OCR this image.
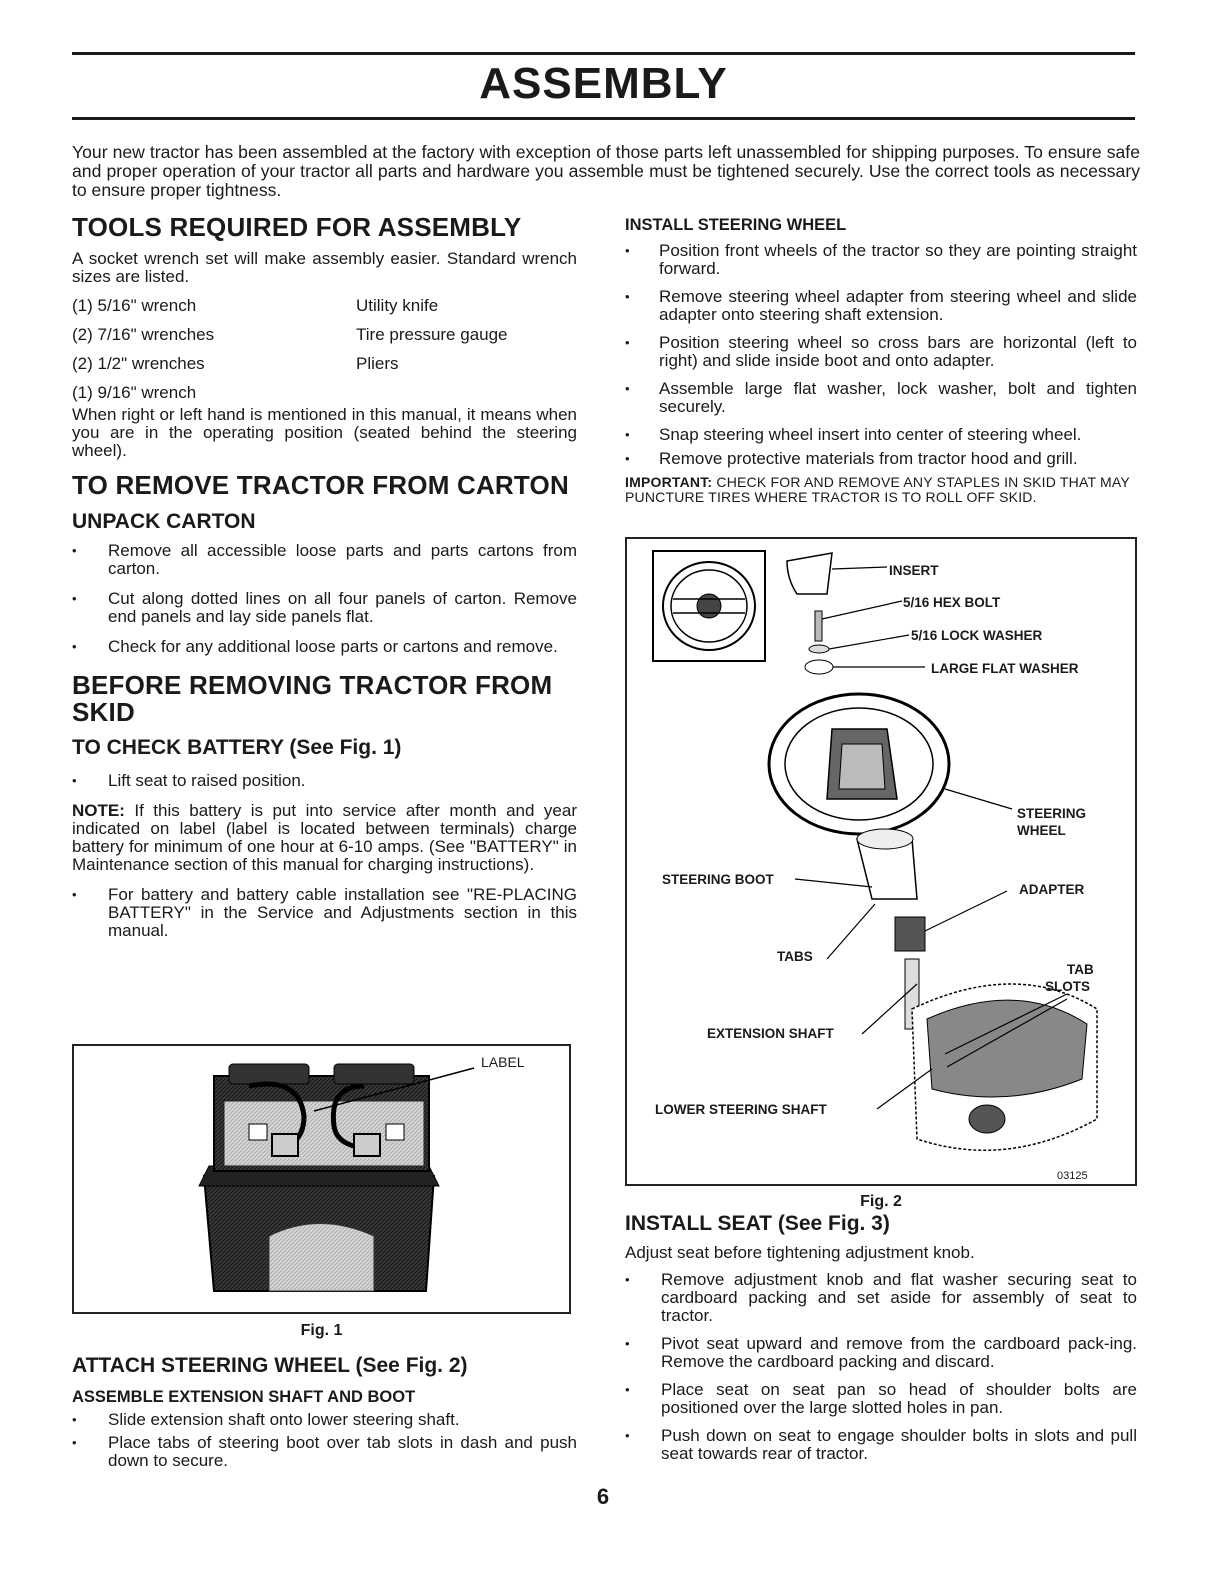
ASSEMBLY

Your new tractor has been assembled at the factory with exception of those parts left unassembled for shipping purposes. To ensure safe and proper operation of your tractor all parts and hardware you assemble must be tightened securely. Use the correct tools as necessary to ensure proper tightness.

TOOLS REQUIRED FOR ASSEMBLY

A socket wrench set will make assembly easier. Standard wrench sizes are listed.

(1) 5/16" wrench	Utility knife
(2) 7/16" wrenches	Tire pressure gauge
(2) 1/2" wrenches	Pliers
(1) 9/16" wrench	

When right or left hand is mentioned in this manual, it means when you are in the operating position (seated behind the steering wheel).

TO REMOVE TRACTOR FROM CARTON
UNPACK CARTON
• Remove all accessible loose parts and parts cartons from carton.
• Cut along dotted lines on all four panels of carton. Remove end panels and lay side panels flat.
• Check for any additional loose parts or cartons and remove.
BEFORE REMOVING TRACTOR FROM SKID
TO CHECK BATTERY (See Fig. 1)
• Lift seat to raised position.

NOTE: If this battery is put into service after month and year indicated on label (label is located between terminals) charge battery for minimum of one hour at 6-10 amps. (See "BATTERY" in Maintenance section of this manual for charging instructions).

• For battery and battery cable installation see "RE-PLACING BATTERY" in the Service and Adjustments section in this manual.
LABEL
Fig. 1
ATTACH STEERING WHEEL (See Fig. 2)
ASSEMBLE EXTENSION SHAFT AND BOOT
• Slide extension shaft onto lower steering shaft.
• Place tabs of steering boot over tab slots in dash and push down to secure.
INSTALL STEERING WHEEL
• Position front wheels of the tractor so they are pointing straight forward.
• Remove steering wheel adapter from steering wheel and slide adapter onto steering shaft extension.
• Position steering wheel so cross bars are horizontal (left to right) and slide inside boot and onto adapter.
• Assemble large flat washer, lock washer, bolt and tighten securely.
• Snap steering wheel insert into center of steering wheel.
• Remove protective materials from tractor hood and grill.

IMPORTANT: CHECK FOR AND REMOVE ANY STAPLES IN SKID THAT MAY PUNCTURE TIRES WHERE TRACTOR IS TO ROLL OFF SKID.

INSERT
5/16 HEX BOLT
5/16 LOCK WASHER
LARGE FLAT WASHER
STEERING
WHEEL
STEERING BOOT
ADAPTER
TABS
TAB
SLOTS
EXTENSION SHAFT
LOWER STEERING SHAFT
03125
Fig. 2
INSTALL SEAT (See Fig. 3)

Adjust seat before tightening adjustment knob.

• Remove adjustment knob and flat washer securing seat to cardboard packing and set aside for assembly of seat to tractor.
• Pivot seat upward and remove from the cardboard pack-ing. Remove the cardboard packing and discard.
• Place seat on seat pan so head of shoulder bolts are positioned over the large slotted holes in pan.
• Push down on seat to engage shoulder bolts in slots and pull seat towards rear of tractor.
6
